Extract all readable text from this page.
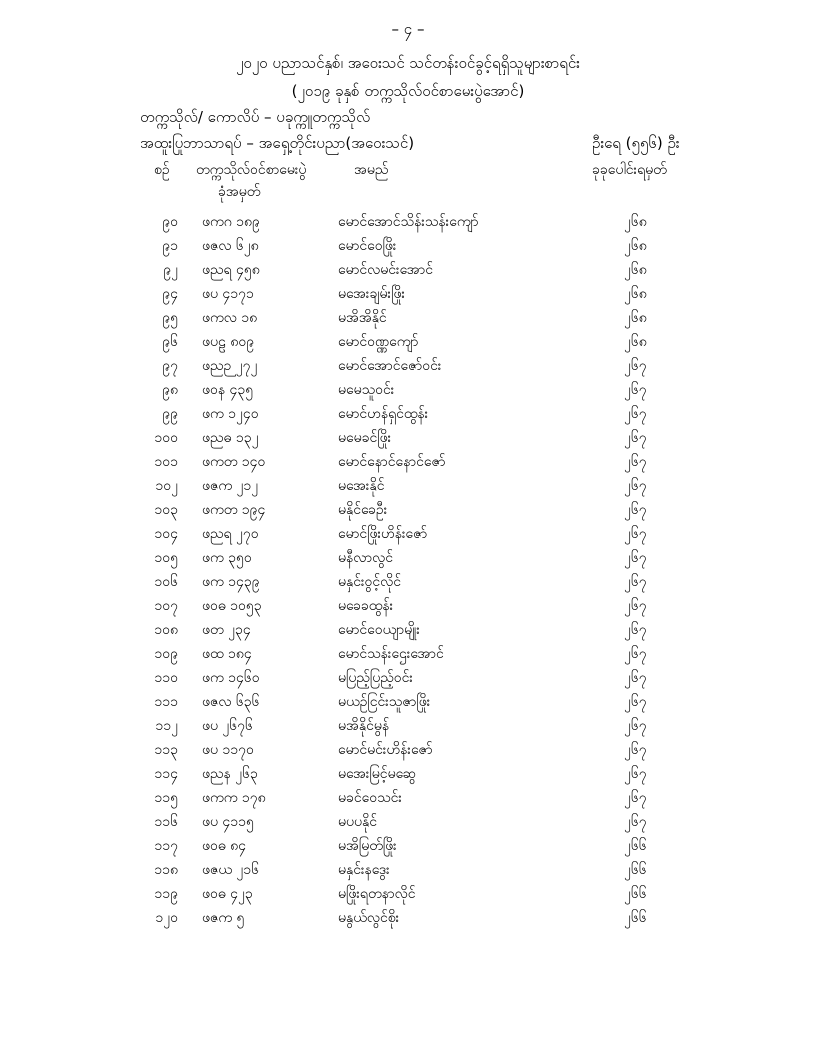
– ၄ –
၂၀၂၀ ပညာသင်နှစ်၊ အဝေးသင် သင်တန်းဝင်ခွင့်ရရှိသူများစာရင်း
(၂၀၁၉ ခုနှစ် တက္ကသိုလ်ဝင်စာမေးပွဲအောင်)
တက္ကသိုလ်/ ကောလိပ် – ပခုက္ကူတက္ကသိုလ်
အထူးပြုဘာသာရပ် – အရှေ့တိုင်းပညာ(အဝေးသင်)	ဦးရေ (၅၅၆) ဦး
စဉ် တက္ကသိုလ်ဝင်စာမေးပွဲ
ခုံအမှတ်
အမည်	ခုခုပေါင်းရမှတ်
၉၀ ဖကဂ ၁၈၉	မောင်အောင်သိန်းသန်းကျော်	၂၆၈
၉၁ ဖဇလ ၆၂၈	မောင်ဝေဖြိုး	၂၆၈
၉၂ ဖညရ ၄၅၈	မောင်လမင်းအောင်	၂၆၈
၉၄ ဖပ ၄၁၇၁	မအေးချမ်းဖြိုး	၂၆၈
၉၅ ဖကလ ၁၈	မအိအိနိုင်	၂၆၈
၉၆ ဖပဠ ၈၀၉	မောင်ဝဏ္ဏကျော်	၂၆၈
၉၇ ဖညဉ ၂၇၂	မောင်အောင်ဇော်ဝင်း	၂၆၇
၉၈ ဖဝန ၄၃၅	မမေသူဝင်း	၂၆၇
၉၉ ဖက ၁၂၄၀	မောင်ဟန်ရှင်ထွန်း	၂၆၇
၁၀၀ ဖညဓ ၁၃၂	မမေခင်ဖြိုး	၂၆၇
၁၀၁ ဖကတ ၁၄၀	မောင်နောင်နောင်ဇော်	၂၆၇
၁၀၂ ဖဇက ၂၁၂	မအေးနိုင်	၂၆၇
၁၀၃ ဖကတ ၁၉၄	မနိုင်ခေဦး	၂၆၇
၁၀၄ ဖညရ ၂၇၀	မောင်ဖြိုးဟိန်းဇော်	၂၆၇
၁၀၅ ဖက ၃၅၀	မနီလာလွင်	၂၆၇
၁၀၆ ဖက ၁၄၃၉	မနှင်းဝွင့်လိုင်	၂၆၇
၁၀၇ ဖဝဓ ၁၀၅၃	မခေခထွန်း	၂၆၇
၁၀၈ ဖတ ၂၃၄	မောင်ဝေယျာမျိုး	၂၆၇
၁၀၉ ဖထ ၁၈၄	မောင်သန်းဌေးအောင်	၂၆၇
၁၁၀ ဖက ၁၄၆၀	မပြည့်ပြည့်ဝင်း	၂၆၇
၁၁၁ ဖဇလ ၆၃၆	မယဉ်ငြင်းသူဇာဖြိုး	၂၆၇
၁၁၂ ဖပ ၂၆၇၆	မအိနိုင်မွန်	၂၆၇
၁၁၃ ဖပ ၁၁၇၀	မောင်မင်းဟိန်းဇော်	၂၆၇
၁၁၄ ဖညန ၂၆၃	မအေးမြင့်မဆွေ	၂၆၇
၁၁၅ ဖကက ၁၇၈	မခင်ဝေသင်း	၂၆၇
၁၁၆ ဖပ ၄၁၁၅	မပပနိုင်	၂၆၇
၁၁၇ ဖဝဓ ၈၄	မအိမြတ်ဖြိုး	၂၆၆
၁၁၈ ဖဇယ ၂၁၆	မနှင်းနဒွေး	၂၆၆
၁၁၉ ဖဝဓ ၄၂၃	မဖြိုးရတနာလိုင်	၂၆၆
၁၂၀ ဖဇက ၅	မနွယ်လွင်စိုး	၂၆၆
